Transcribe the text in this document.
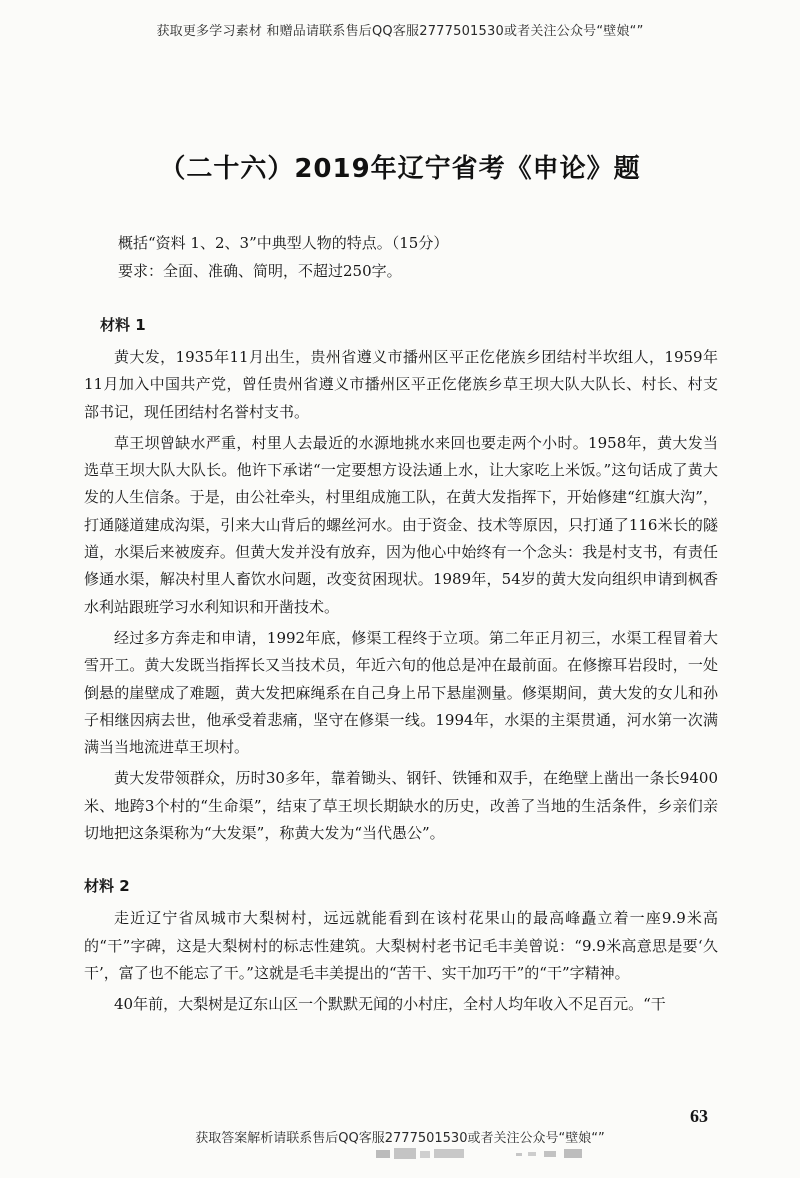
获取更多学习素材 和赠品请联系售后QQ客服2777501530或者关注公众号“壁娘“”
（二十六）2019年辽宁省考《申论》题
概括“资料 1、2、3”中典型人物的特点。（15分）
要求：全面、准确、简明，不超过250字。
材料 1

黄大发，1935年11月出生，贵州省遵义市播州区平正仡佬族乡团结村半坎组人，1959年11月加入中国共产党，曾任贵州省遵义市播州区平正仡佬族乡草王坝大队大队长、村长、村支部书记，现任团结村名誉村支书。

草王坝曾缺水严重，村里人去最近的水源地挑水来回也要走两个小时。1958年，黄大发当选草王坝大队大队长。他许下承诺“一定要想方设法通上水，让大家吃上米饭。”这句话成了黄大发的人生信条。于是，由公社牵头，村里组成施工队，在黄大发指挥下，开始修建“红旗大沟”，打通隧道建成沟渠，引来大山背后的螺丝河水。由于资金、技术等原因，只打通了116米长的隧道，水渠后来被废弃。但黄大发并没有放弃，因为他心中始终有一个念头：我是村支书，有责任修通水渠，解决村里人畜饮水问题，改变贫困现状。1989年，54岁的黄大发向组织申请到枫香水利站跟班学习水利知识和开凿技术。

经过多方奔走和申请，1992年底，修渠工程终于立项。第二年正月初三，水渠工程冒着大雪开工。黄大发既当指挥长又当技术员，年近六旬的他总是冲在最前面。在修擦耳岩段时，一处倒悬的崖壁成了难题，黄大发把麻绳系在自己身上吊下悬崖测量。修渠期间，黄大发的女儿和孙子相继因病去世，他承受着悲痛，坚守在修渠一线。1994年，水渠的主渠贯通，河水第一次满满当当地流进草王坝村。

黄大发带领群众，历时30多年，靠着锄头、钢钎、铁锤和双手，在绝壁上凿出一条长9400米、地跨3个村的“生命渠”，结束了草王坝长期缺水的历史，改善了当地的生活条件，乡亲们亲切地把这条渠称为“大发渠”，称黄大发为“当代愚公”。

材料 2

走近辽宁省凤城市大梨树村，远远就能看到在该村花果山的最高峰矗立着一座9.9米高的“干”字碑，这是大梨树村的标志性建筑。大梨树村老书记毛丰美曾说：“9.9米高意思是要‘久干’，富了也不能忘了干。”这就是毛丰美提出的“苦干、实干加巧干”的“干”字精神。

40年前，大梨树是辽东山区一个默默无闻的小村庄，全村人均年收入不足百元。“干

63
获取答案解析请联系售后QQ客服2777501530或者关注公众号“壁娘“”
